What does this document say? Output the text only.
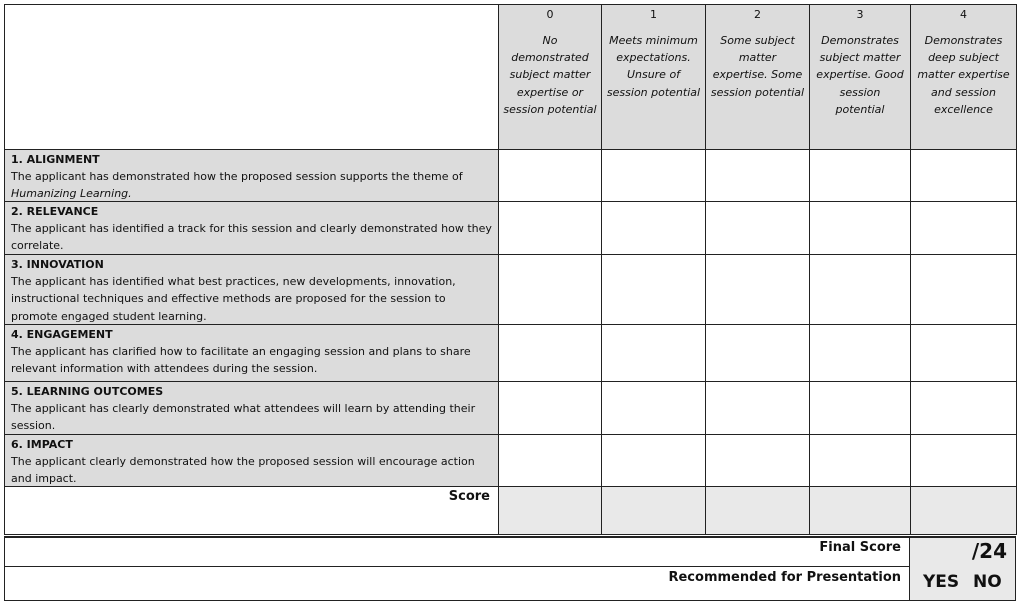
0
No demonstrated subject matter expertise or session potential
1
Meets minimum expectations. Unsure of session potential
2
Some subject matter expertise. Some session potential
3
Demonstrates subject matter expertise. Good session potential
4
Demonstrates deep subject matter expertise and session excellence
1. ALIGNMENT
The applicant has demonstrated how the proposed session supports the theme of
Humanizing Learning.
2. RELEVANCE
The applicant has identified a track for this session and clearly demonstrated how they correlate.
3. INNOVATION
The applicant has identified what best practices, new developments, innovation, instructional techniques and effective methods are proposed for the session to promote engaged student learning.
4. ENGAGEMENT
The applicant has clarified how to facilitate an engaging session and plans to share relevant information with attendees during the session.
5. LEARNING OUTCOMES
The applicant has clearly demonstrated what attendees will learn by attending their session.
6. IMPACT
The applicant clearly demonstrated how the proposed session will encourage action and impact.
Score
Final Score	/24
Recommended for Presentation YES NO
